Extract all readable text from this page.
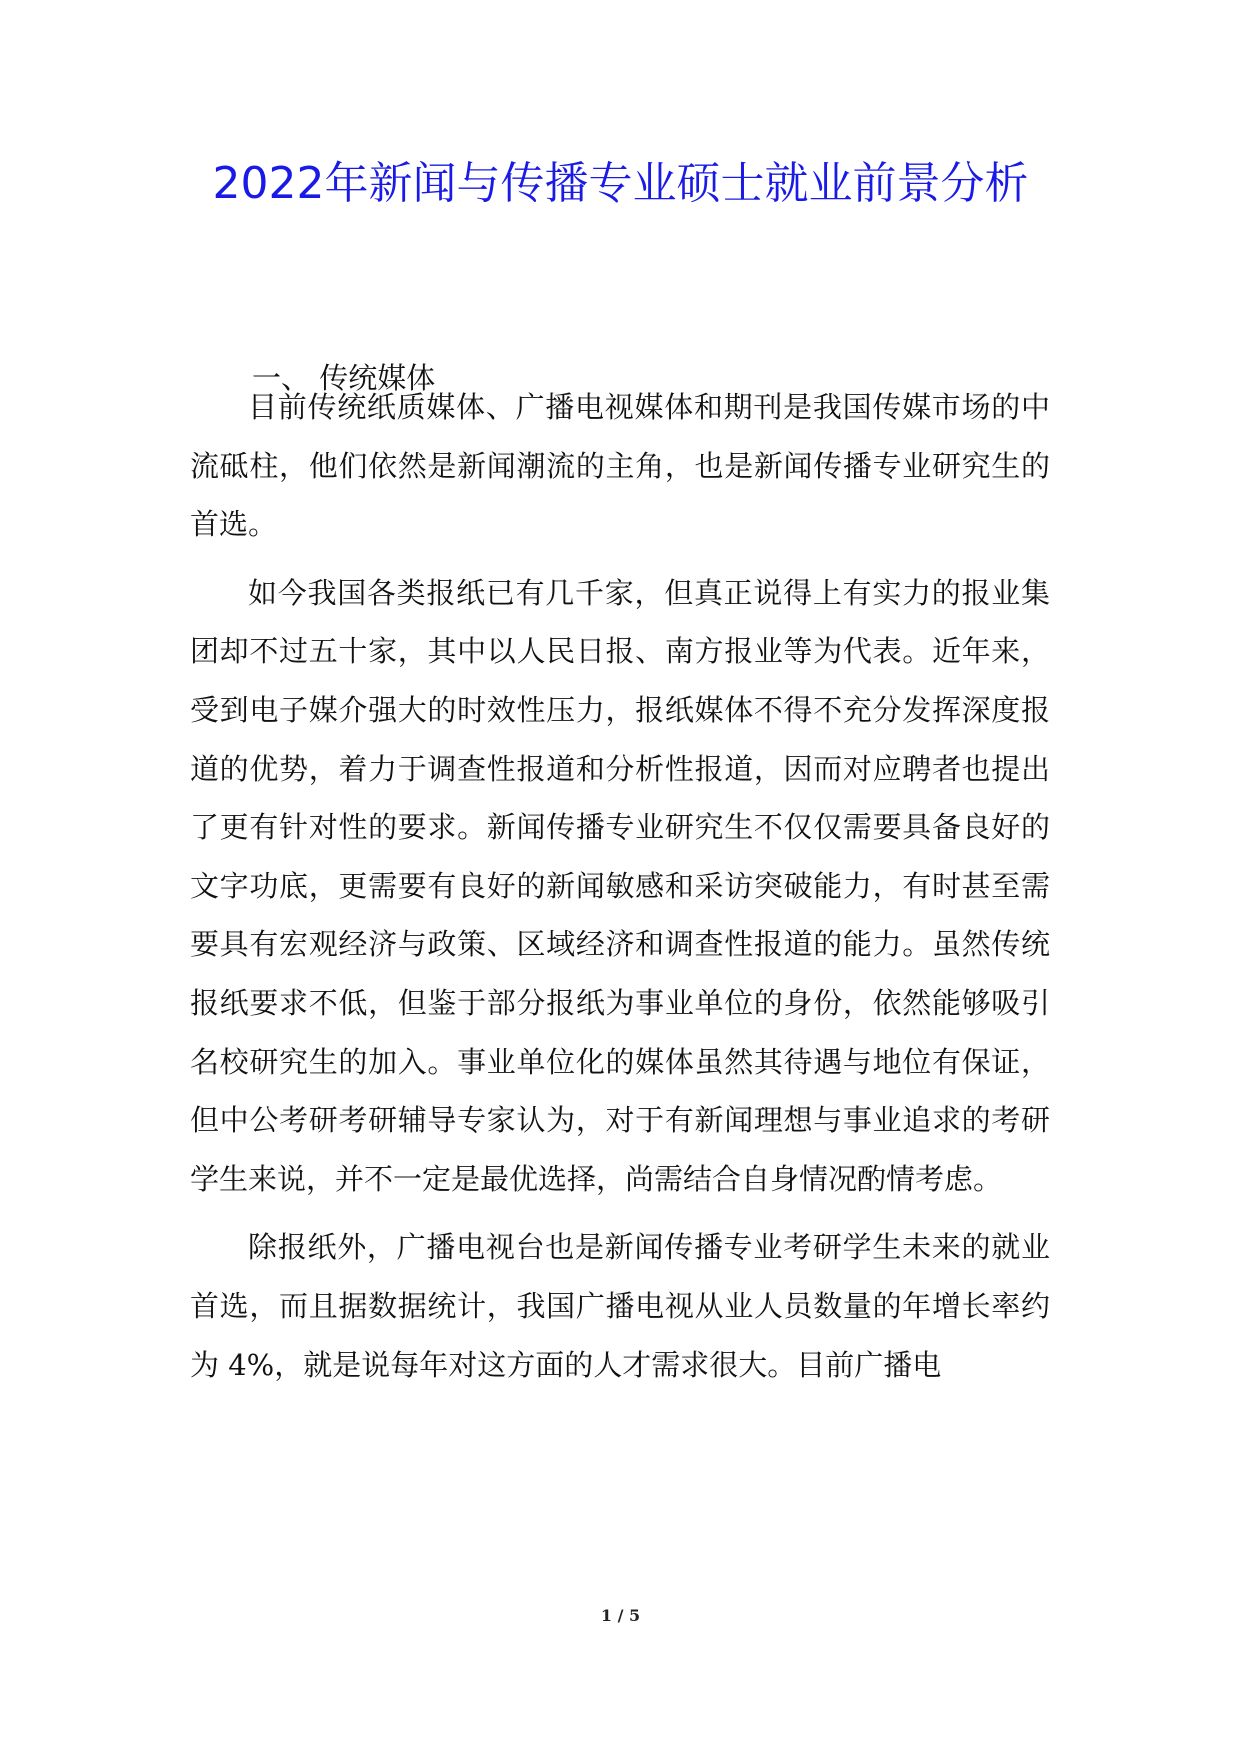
2022年新闻与传播专业硕士就业前景分析
一、 传统媒体

目前传统纸质媒体、广播电视媒体和期刊是我国传媒市场的中流砥柱，他们依然是新闻潮流的主角，也是新闻传播专业研究生的首选。

如今我国各类报纸已有几千家，但真正说得上有实力的报业集团却不过五十家，其中以人民日报、南方报业等为代表。近年来，受到电子媒介强大的时效性压力，报纸媒体不得不充分发挥深度报道的优势，着力于调查性报道和分析性报道，因而对应聘者也提出了更有针对性的要求。新闻传播专业研究生不仅仅需要具备良好的文字功底，更需要有良好的新闻敏感和采访突破能力，有时甚至需要具有宏观经济与政策、区域经济和调查性报道的能力。虽然传统报纸要求不低，但鉴于部分报纸为事业单位的身份，依然能够吸引名校研究生的加入。事业单位化的媒体虽然其待遇与地位有保证，但中公考研考研辅导专家认为，对于有新闻理想与事业追求的考研学生来说，并不一定是最优选择，尚需结合自身情况酌情考虑。

除报纸外，广播电视台也是新闻传播专业考研学生未来的就业首选，而且据数据统计，我国广播电视从业人员数量的年增长率约为 4%，就是说每年对这方面的人才需求很大。目前广播电

1 / 5
